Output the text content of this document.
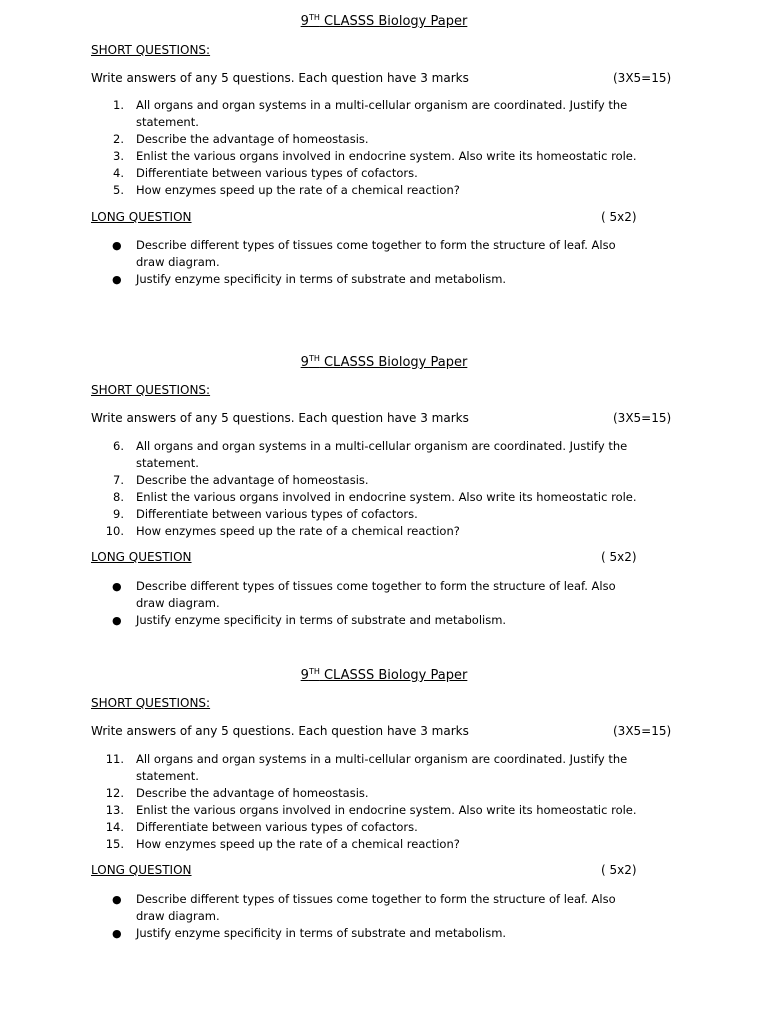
9TH CLASSS Biology Paper
SHORT QUESTIONS:
Write answers of any 5 questions. Each question have 3 marks	(3X5=15)
1. All organs and organ systems in a multi-cellular organism are coordinated. Justify the
statement.
2. Describe the advantage of homeostasis.
3. Enlist the various organs involved in endocrine system. Also write its homeostatic role.
4. Differentiate between various types of cofactors.
5. How enzymes speed up the rate of a chemical reaction?
LONG QUESTION	( 5x2)
● Describe different types of tissues come together to form the structure of leaf. Also
draw diagram.
● Justify enzyme specificity in terms of substrate and metabolism.
9TH CLASSS Biology Paper
SHORT QUESTIONS:
Write answers of any 5 questions. Each question have 3 marks	(3X5=15)
6. All organs and organ systems in a multi-cellular organism are coordinated. Justify the
statement.
7. Describe the advantage of homeostasis.
8. Enlist the various organs involved in endocrine system. Also write its homeostatic role.
9. Differentiate between various types of cofactors.
10. How enzymes speed up the rate of a chemical reaction?
LONG QUESTION	( 5x2)
● Describe different types of tissues come together to form the structure of leaf. Also
draw diagram.
● Justify enzyme specificity in terms of substrate and metabolism.
9TH CLASSS Biology Paper
SHORT QUESTIONS:
Write answers of any 5 questions. Each question have 3 marks	(3X5=15)
11. All organs and organ systems in a multi-cellular organism are coordinated. Justify the
statement.
12. Describe the advantage of homeostasis.
13. Enlist the various organs involved in endocrine system. Also write its homeostatic role.
14. Differentiate between various types of cofactors.
15. How enzymes speed up the rate of a chemical reaction?
LONG QUESTION	( 5x2)
● Describe different types of tissues come together to form the structure of leaf. Also
draw diagram.
● Justify enzyme specificity in terms of substrate and metabolism.
